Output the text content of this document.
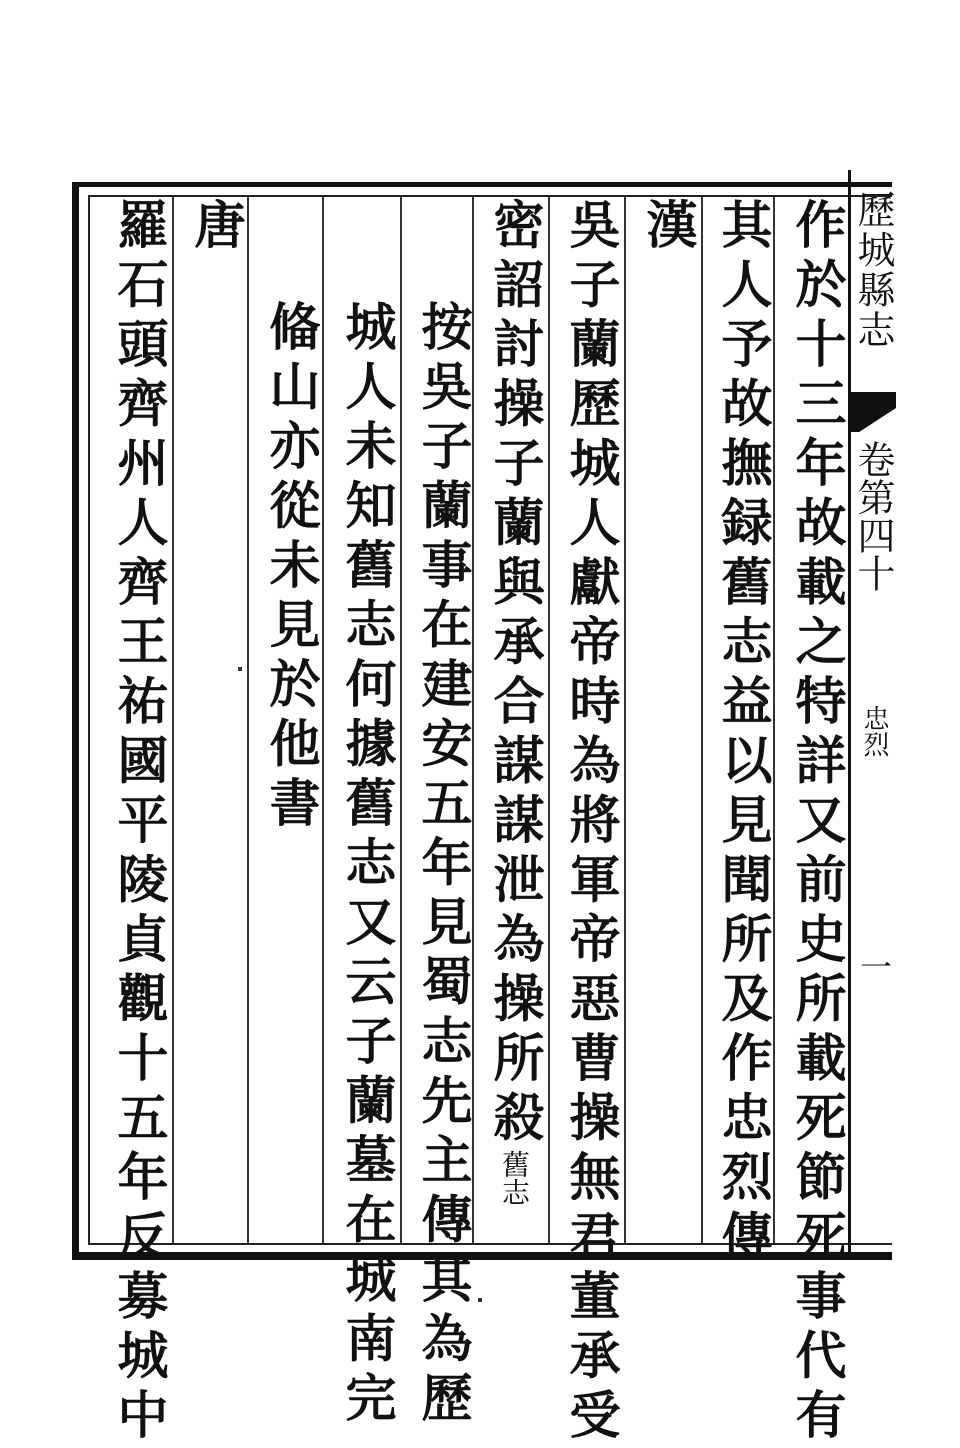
歷城縣志
卷第四十
忠烈
一
作於十三年故載之特詳又前史所載死節死事代有
其人予故撫録舊志益以見聞所及作忠烈傳
漢
吳子蘭歷城人獻帝時為將軍帝惡曹操無君董承受
密詔討操子蘭與承合謀謀泄為操所殺舊志
按吳子蘭事在建安五年見蜀志先主傳其為歷
城人未知舊志何據舊志又云子蘭墓在城南完
偹山亦從未見於他書
唐
羅石頭齊州人齊王祐國平陵貞觀十五年反募城中
